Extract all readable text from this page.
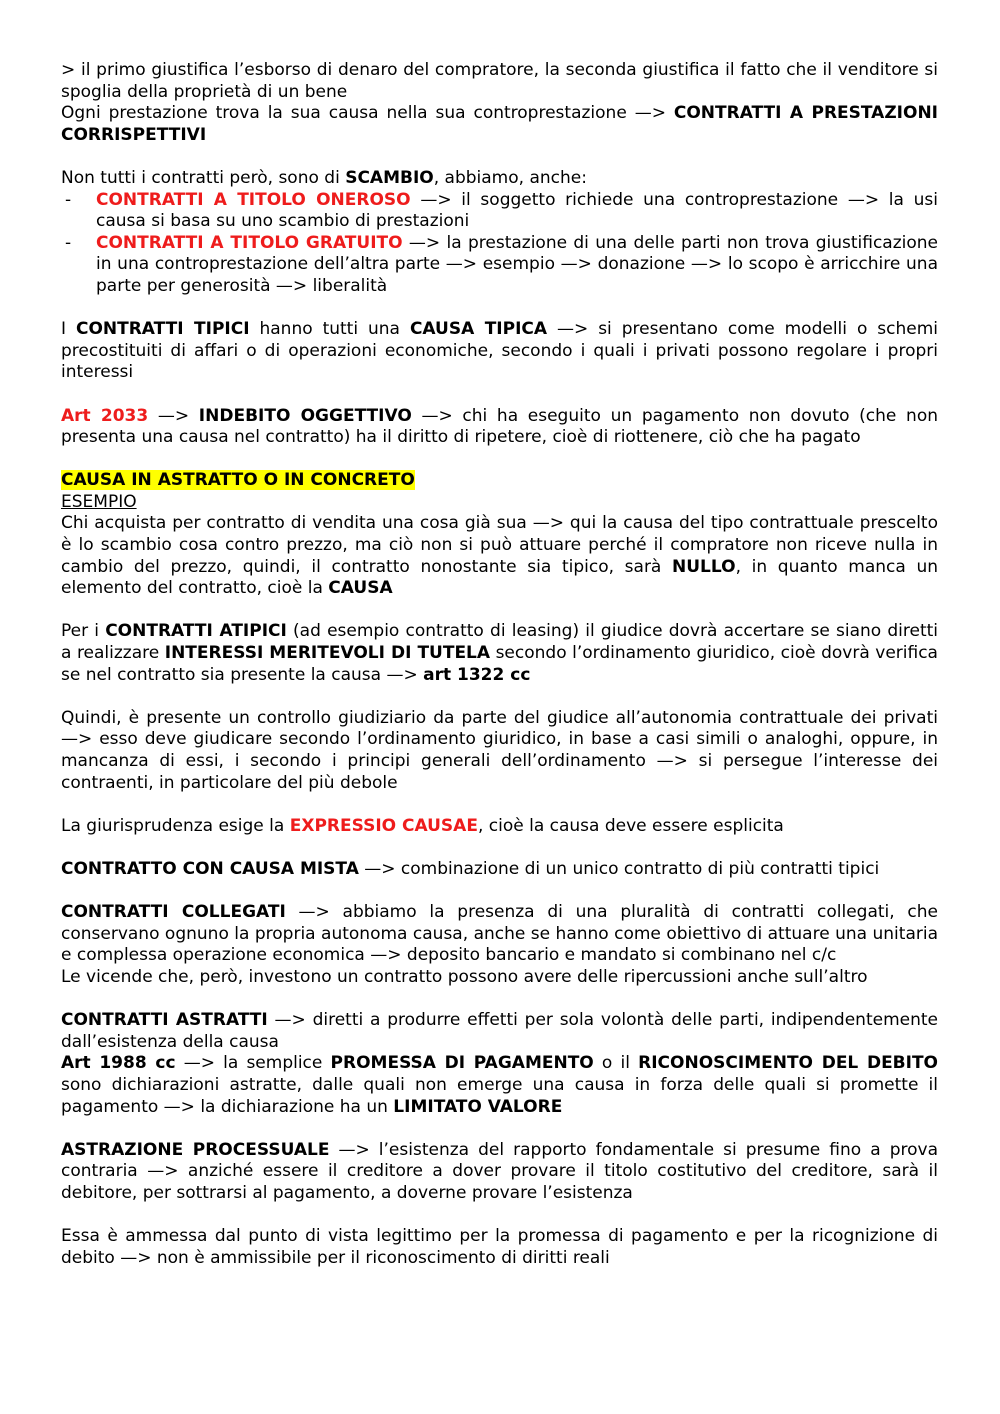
> il primo giustifica l’esborso di denaro del compratore, la seconda giustifica il fatto che il venditore si spoglia della proprietà di un bene

Ogni prestazione trova la sua causa nella sua controprestazione —> CONTRATTI A PRESTAZIONI CORRISPETTIVI

Non tutti i contratti però, sono di SCAMBIO, abbiamo, anche:

- CONTRATTI A TITOLO ONEROSO —> il soggetto richiede una controprestazione —> la usi causa si basa su uno scambio di prestazioni
- CONTRATTI A TITOLO GRATUITO —> la prestazione di una delle parti non trova giustificazione in una controprestazione dell’altra parte —> esempio —> donazione —> lo scopo è arricchire una parte per generosità —> liberalità

I CONTRATTI TIPICI hanno tutti una CAUSA TIPICA —> si presentano come modelli o schemi precostituiti di affari o di operazioni economiche, secondo i quali i privati possono regolare i propri interessi

Art 2033 —> INDEBITO OGGETTIVO —> chi ha eseguito un pagamento non dovuto (che non presenta una causa nel contratto) ha il diritto di ripetere, cioè di riottenere, ciò che ha pagato

CAUSA IN ASTRATTO O IN CONCRETO

ESEMPIO

Chi acquista per contratto di vendita una cosa già sua —> qui la causa del tipo contrattuale prescelto è lo scambio cosa contro prezzo, ma ciò non si può attuare perché il compratore non riceve nulla in cambio del prezzo, quindi, il contratto nonostante sia tipico, sarà NULLO, in quanto manca un elemento del contratto, cioè la CAUSA

Per i CONTRATTI ATIPICI (ad esempio contratto di leasing) il giudice dovrà accertare se siano diretti a realizzare INTERESSI MERITEVOLI DI TUTELA secondo l’ordinamento giuridico, cioè dovrà verifica se nel contratto sia presente la causa —> art 1322 cc

Quindi, è presente un controllo giudiziario da parte del giudice all’autonomia contrattuale dei privati —> esso deve giudicare secondo l’ordinamento giuridico, in base a casi simili o analoghi, oppure, in mancanza di essi, i secondo i principi generali dell’ordinamento —> si persegue l’interesse dei contraenti, in particolare del più debole

La giurisprudenza esige la EXPRESSIO CAUSAE, cioè la causa deve essere esplicita

CONTRATTO CON CAUSA MISTA —> combinazione di un unico contratto di più contratti tipici

CONTRATTI COLLEGATI —> abbiamo la presenza di una pluralità di contratti collegati, che conservano ognuno la propria autonoma causa, anche se hanno come obiettivo di attuare una unitaria e complessa operazione economica —> deposito bancario e mandato si combinano nel c/c

Le vicende che, però, investono un contratto possono avere delle ripercussioni anche sull’altro

CONTRATTI ASTRATTI —> diretti a produrre effetti per sola volontà delle parti, indipendentemente dall’esistenza della causa

Art 1988 cc —> la semplice PROMESSA DI PAGAMENTO o il RICONOSCIMENTO DEL DEBITO sono dichiarazioni astratte, dalle quali non emerge una causa in forza delle quali si promette il pagamento —> la dichiarazione ha un LIMITATO VALORE

ASTRAZIONE PROCESSUALE —> l’esistenza del rapporto fondamentale si presume fino a prova contraria —> anziché essere il creditore a dover provare il titolo costitutivo del creditore, sarà il debitore, per sottrarsi al pagamento, a doverne provare l’esistenza

Essa è ammessa dal punto di vista legittimo per la promessa di pagamento e per la ricognizione di debito —> non è ammissibile per il riconoscimento di diritti reali
